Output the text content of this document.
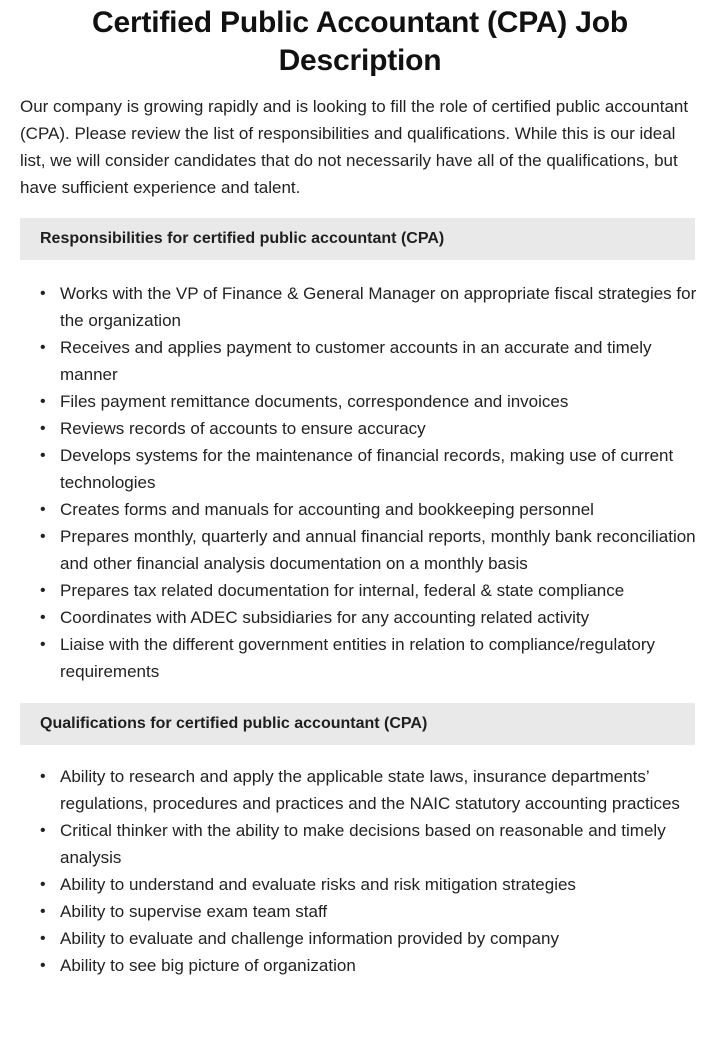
Certified Public Accountant (CPA) Job Description

Our company is growing rapidly and is looking to fill the role of certified public accountant (CPA). Please review the list of responsibilities and qualifications. While this is our ideal list, we will consider candidates that do not necessarily have all of the qualifications, but have sufficient experience and talent.

Responsibilities for certified public accountant (CPA)
• Works with the VP of Finance & General Manager on appropriate fiscal strategies for the organization
• Receives and applies payment to customer accounts in an accurate and timely manner
• Files payment remittance documents, correspondence and invoices
• Reviews records of accounts to ensure accuracy
• Develops systems for the maintenance of financial records, making use of current technologies
• Creates forms and manuals for accounting and bookkeeping personnel
• Prepares monthly, quarterly and annual financial reports, monthly bank reconciliation and other financial analysis documentation on a monthly basis
• Prepares tax related documentation for internal, federal & state compliance
• Coordinates with ADEC subsidiaries for any accounting related activity
• Liaise with the different government entities in relation to compliance/regulatory requirements
Qualifications for certified public accountant (CPA)
• Ability to research and apply the applicable state laws, insurance departments’ regulations, procedures and practices and the NAIC statutory accounting practices
• Critical thinker with the ability to make decisions based on reasonable and timely analysis
• Ability to understand and evaluate risks and risk mitigation strategies
• Ability to supervise exam team staff
• Ability to evaluate and challenge information provided by company
• Ability to see big picture of organization
